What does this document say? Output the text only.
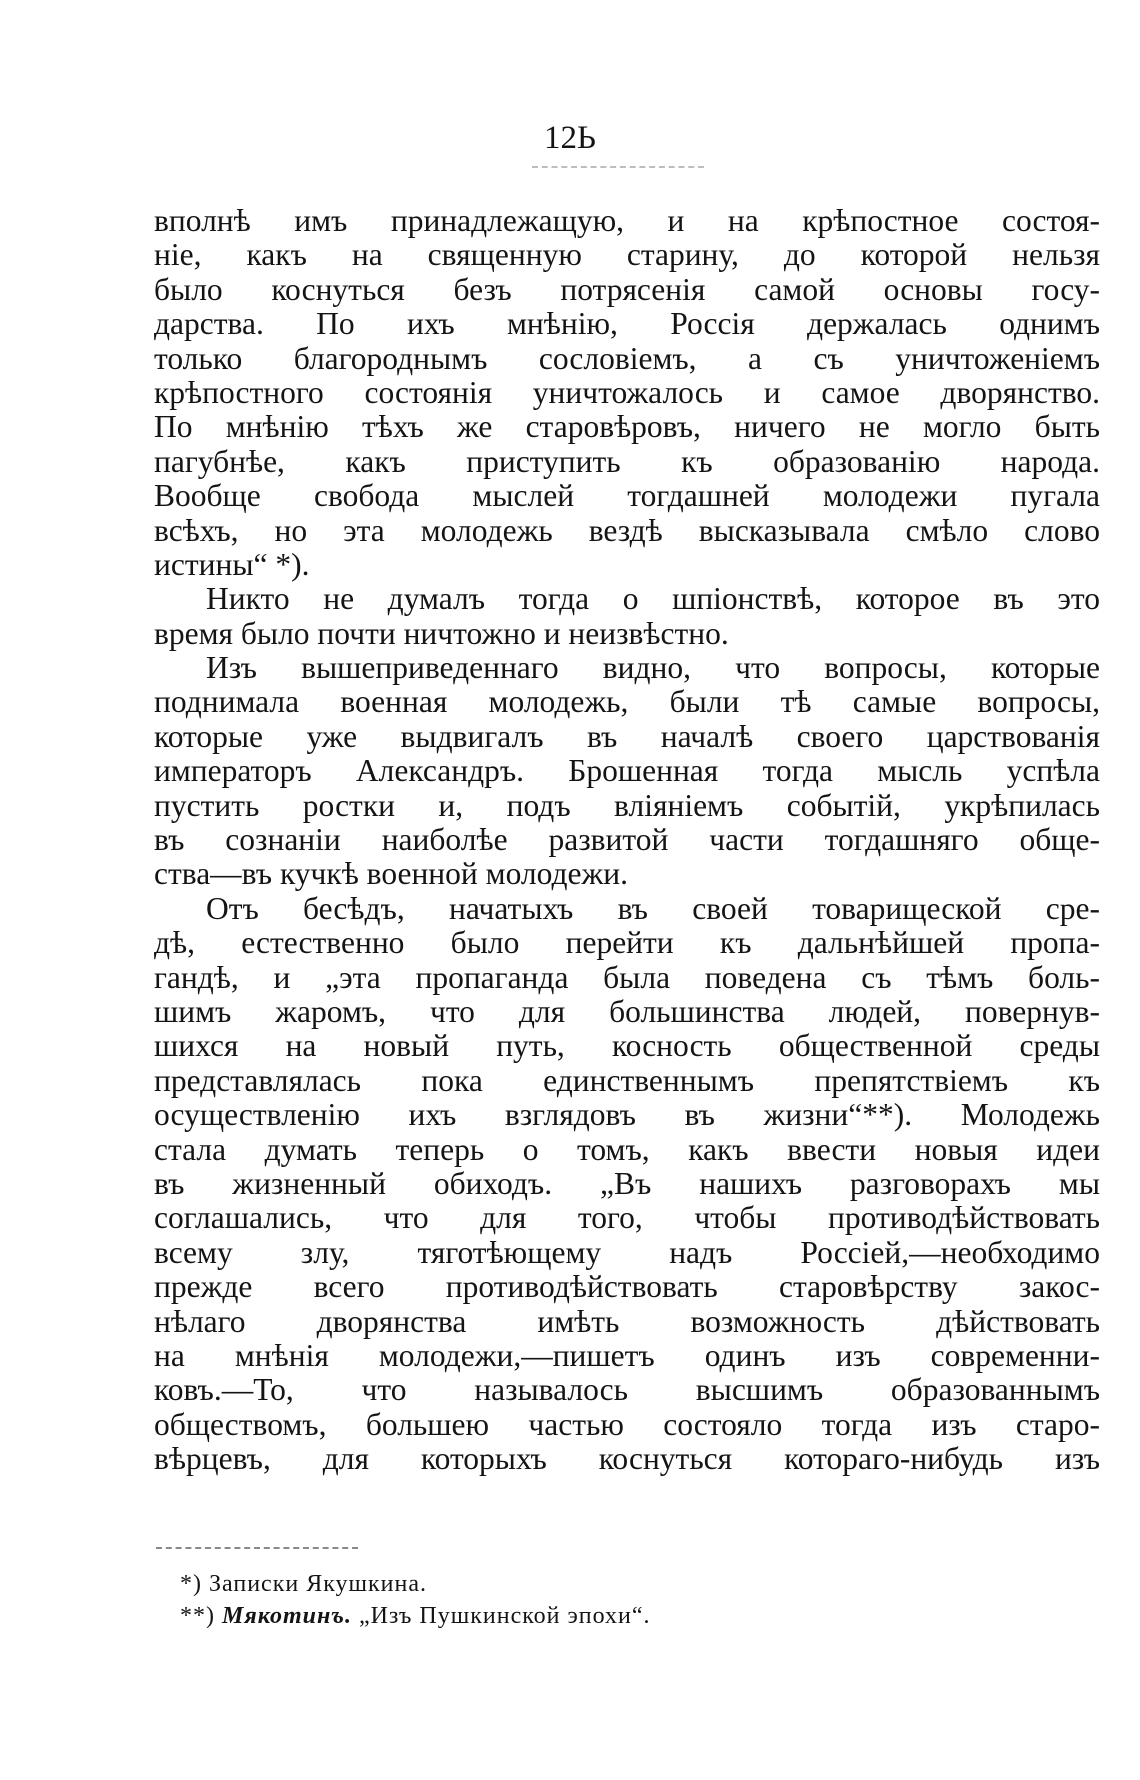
12Ь
вполнѣ имъ принадлежащую, и на крѣпостное состоя-
ніе, какъ на священную старину, до которой нельзя
было коснуться безъ потрясенія самой основы госу-
дарства. По ихъ мнѣнію, Россія держалась однимъ
только благороднымъ сословіемъ, а съ уничтоженіемъ
крѣпостного состоянія уничтожалось и самое дворянство.
По мнѣнію тѣхъ же старовѣровъ, ничего не могло быть
пагубнѣе, какъ приступить къ образованію народа.
Вообще свобода мыслей тогдашней молодежи пугала
всѣхъ, но эта молодежь вездѣ высказывала смѣло слово
истины“ *).
Никто не думалъ тогда о шпіонствѣ, которое въ это
время было почти ничтожно и неизвѣстно.
Изъ вышеприведеннаго видно, что вопросы, которые
поднимала военная молодежь, были тѣ самые вопросы,
которые уже выдвигалъ въ началѣ своего царствованія
императоръ Александръ. Брошенная тогда мысль успѣла
пустить ростки и, подъ вліяніемъ событій, укрѣпилась
въ сознаніи наиболѣе развитой части тогдашняго обще-
ства—въ кучкѣ военной молодежи.
Отъ бесѣдъ, начатыхъ въ своей товарищеской сре-
дѣ, естественно было перейти къ дальнѣйшей пропа-
гандѣ, и „эта пропаганда была поведена съ тѣмъ боль-
шимъ жаромъ, что для большинства людей, повернув-
шихся на новый путь, косность общественной среды
представлялась пока единственнымъ препятствіемъ къ
осуществленію ихъ взглядовъ въ жизни“**). Молодежь
стала думать теперь о томъ, какъ ввести новыя идеи
въ жизненный обиходъ. „Въ нашихъ разговорахъ мы
соглашались, что для того, чтобы противодѣйствовать
всему злу, тяготѣющему надъ Россіей,—необходимо
прежде всего противодѣйствовать старовѣрству закос-
нѣлаго дворянства имѣть возможность дѣйствовать
на мнѣнія молодежи,—пишетъ одинъ изъ современни-
ковъ.—То, что называлось высшимъ образованнымъ
обществомъ, большею частью состояло тогда изъ старо-
вѣрцевъ, для которыхъ коснуться котораго-нибудь изъ
*) Записки Якушкина.
**) Мякотинъ. „Изъ Пушкинской эпохи“.
